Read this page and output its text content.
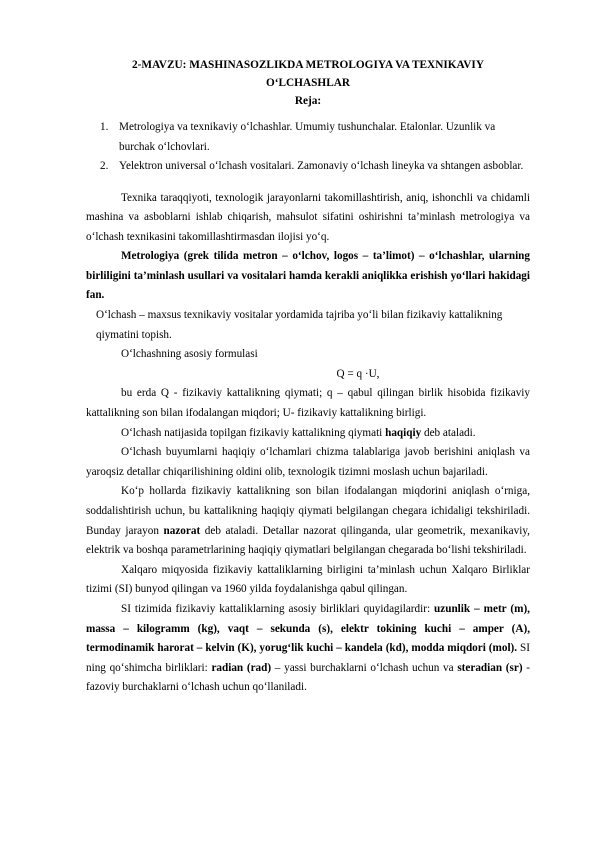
2-MAVZU: MASHINASOZLIKDA METROLOGIYA VA TEXNIKAVIY

O‘LCHASHLAR

Reja:

1. Metrologiya va texnikaviy o‘lchashlar. Umumiy tushunchalar. Etalonlar. Uzunlik va burchak o‘lchovlari.
2. Yelektron universal o‘lchash vositalari. Zamonaviy o‘lchash lineyka va shtangen asboblar.

Texnika taraqqiyoti, texnologik jarayonlarni takomillashtirish, aniq, ishonchli va chidamli mashina va asboblarni ishlab chiqarish, mahsulot sifatini oshirishni ta’minlash metrologiya va o‘lchash texnikasini takomillashtirmasdan ilojisi yo‘q.

Metrologiya (grek tilida metron – o‘lchov, logos – ta’limot) – o‘lchashlar, ularning birliligini ta’minlash usullari va vositalari hamda kerakli aniqlikka erishish yo‘llari hakidagi fan.

O‘lchash – maxsus texnikaviy vositalar yordamida tajriba yo‘li bilan fizikaviy kattalikning qiymatini topish.

O‘lchashning asosiy formulasi

Q = q ·U,

bu erda Q - fizikaviy kattalikning qiymati; q – qabul qilingan birlik hisobida fizikaviy kattalikning son bilan ifodalangan miqdori; U- fizikaviy kattalikning birligi.

O‘lchash natijasida topilgan fizikaviy kattalikning qiymati haqiqiy deb ataladi.

O‘lchash buyumlarni haqiqiy o‘lchamlari chizma talablariga javob berishini aniqlash va yaroqsiz detallar chiqarilishining oldini olib, texnologik tizimni moslash uchun bajariladi.

Ko‘p hollarda fizikaviy kattalikning son bilan ifodalangan miqdorini aniqlash o‘rniga, soddalishtirish uchun, bu kattalikning haqiqiy qiymati belgilangan chegara ichidaligi tekshiriladi. Bunday jarayon nazorat deb ataladi. Detallar nazorat qilinganda, ular geometrik, mexanikaviy, elektrik va boshqa parametrlarining haqiqiy qiymatlari belgilangan chegarada bo‘lishi tekshiriladi.

Xalqaro miqyosida fizikaviy kattaliklarning birligini ta’minlash uchun Xalqaro Birliklar tizimi (SI) bunyod qilingan va 1960 yilda foydalanishga qabul qilingan.

SI tizimida fizikaviy kattaliklarning asosiy birliklari quyidagilardir: uzunlik – metr (m), massa – kilogramm (kg), vaqt – sekunda (s), elektr tokining kuchi – amper (A), termodinamik harorat – kelvin (K), yorug‘lik kuchi – kandela (kd), modda miqdori (mol). SI ning qo‘shimcha birliklari: radian (rad) – yassi burchaklarni o‘lchash uchun va steradian (sr) - fazoviy burchaklarni o‘lchash uchun qo‘llaniladi.
